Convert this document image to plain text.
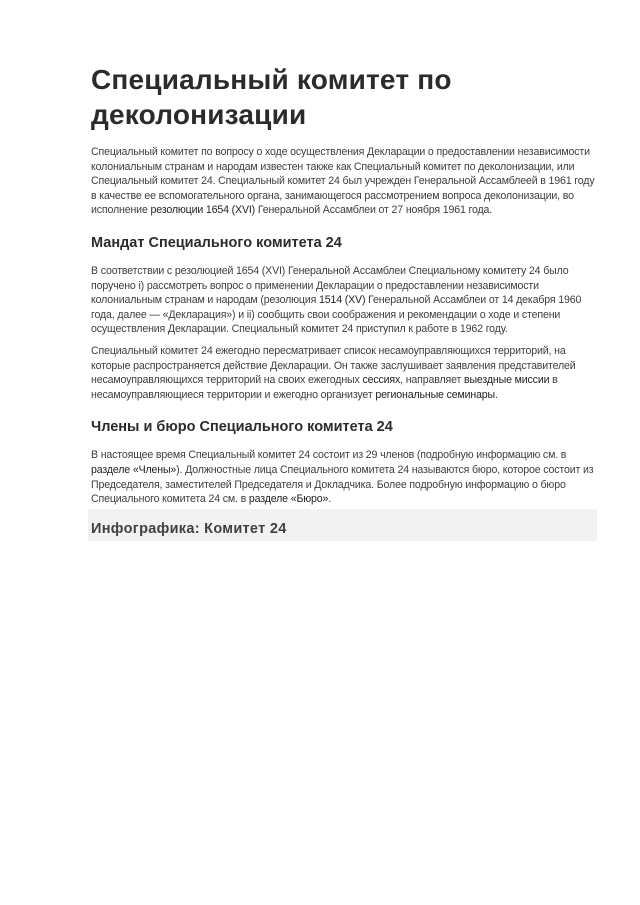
Специальный комитет по деколонизации

Специальный комитет по вопросу о ходе осуществления Декларации о предоставлении независимости колониальным странам и народам известен также как Специальный комитет по деколонизации, или Специальный комитет 24. Специальный комитет 24 был учрежден Генеральной Ассамблеей в 1961 году в качестве ее вспомогательного органа, занимающегося рассмотрением вопроса деколонизации, во исполнение резолюции 1654 (XVI) Генеральной Ассамблеи от 27 ноября 1961 года.

Мандат Специального комитета 24

В соответствии с резолюцией 1654 (XVI) Генеральной Ассамблеи Специальному комитету 24 было поручено i) рассмотреть вопрос о применении Декларации о предоставлении независимости колониальным странам и народам (резолюция 1514 (XV) Генеральной Ассамблеи от 14 декабря 1960 года, далее — «Декларация») и ii) сообщить свои соображения и рекомендации о ходе и степени осуществления Декларации. Специальный комитет 24 приступил к работе в 1962 году.

Специальный комитет 24 ежегодно пересматривает список несамоуправляющихся территорий, на которые распространяется действие Декларации. Он также заслушивает заявления представителей несамоуправляющихся территорий на своих ежегодных сессиях, направляет выездные миссии в несамоуправляющиеся территории и ежегодно организует региональные семинары.

Члены и бюро Специального комитета 24

В настоящее время Специальный комитет 24 состоит из 29 членов (подробную информацию см. в разделе «Члены»). Должностные лица Специального комитета 24 называются бюро, которое состоит из Председателя, заместителей Председателя и Докладчика. Более подробную информацию о бюро Специального комитета 24 см. в разделе «Бюро».

Инфографика: Комитет 24
